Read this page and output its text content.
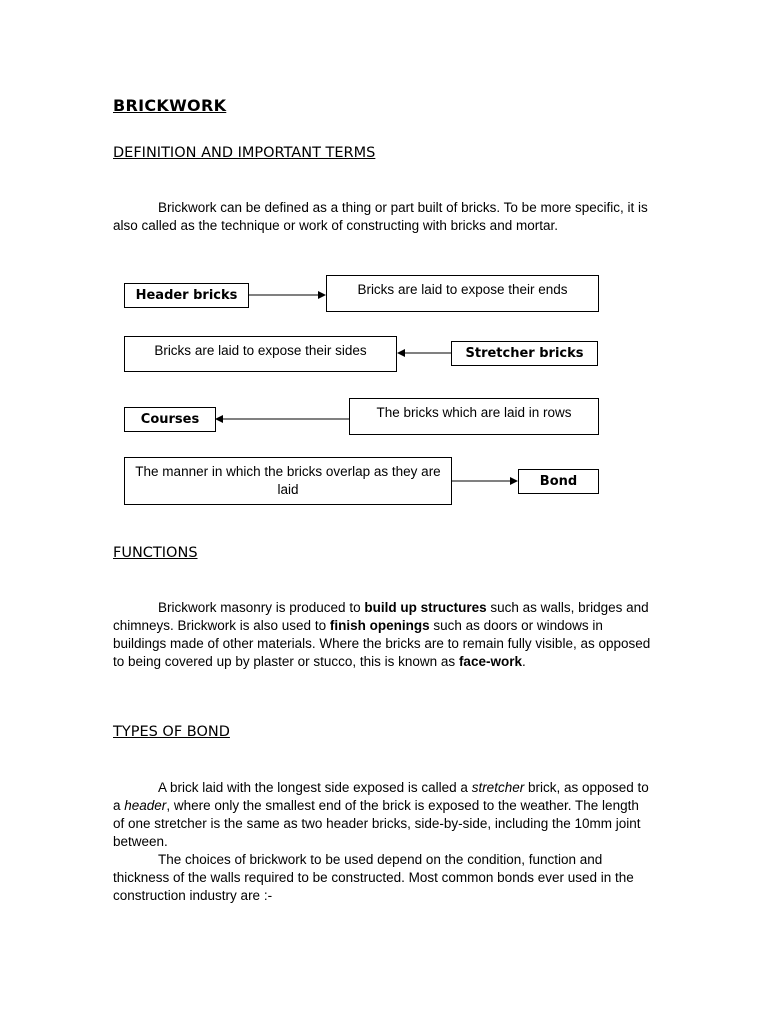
BRICKWORK
DEFINITION AND IMPORTANT TERMS

Brickwork can be defined as a thing or part built of bricks. To be more specific, it is also called as the technique or work of constructing with bricks and mortar.

Header bricks	Bricks are laid to expose their ends
Bricks are laid to expose their sides	Stretcher bricks
Courses	The bricks which are laid in rows
The manner in which the bricks overlap as they are laid
Bond
FUNCTIONS

Brickwork masonry is produced to build up structures such as walls, bridges and chimneys. Brickwork is also used to finish openings such as doors or windows in buildings made of other materials. Where the bricks are to remain fully visible, as opposed to being covered up by plaster or stucco, this is known as face-work.

TYPES OF BOND

A brick laid with the longest side exposed is called a stretcher brick, as opposed to a header, where only the smallest end of the brick is exposed to the weather. The length of one stretcher is the same as two header bricks, side-by-side, including the 10mm joint between.

The choices of brickwork to be used depend on the condition, function and thickness of the walls required to be constructed. Most common bonds ever used in the construction industry are :-
